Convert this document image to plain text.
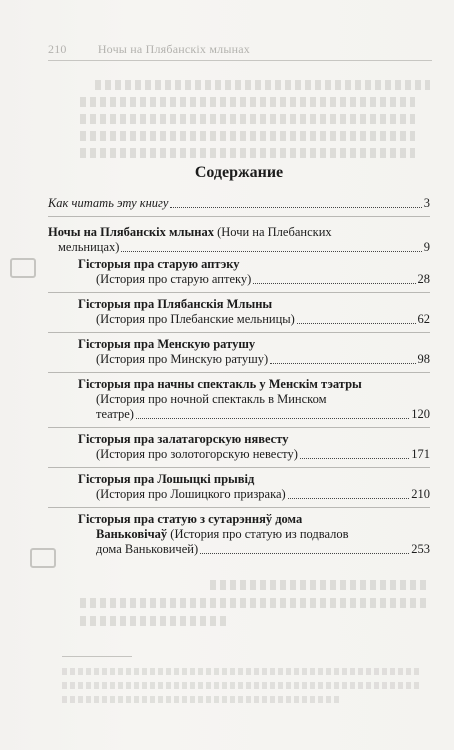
210	Ночы на Плябанскіх млынах
Содержание
Как читать эту книгу	3
Ночы на Плябанскіх млынах (Ночи на Плебанских
мельницах)	9
Гісторыя пра старую аптэку
(История про старую аптеку)	28
Гісторыя пра Плябанскія Млыны
(История про Плебанские мельницы)	62
Гісторыя пра Менскую ратушу
(История про Минскую ратушу)	98
Гісторыя пра начны спектакль у Менскім тэатры
(История про ночной спектакль в Минском
театре)	120
Гісторыя пра залатагорскую нявесту
(История про золотогорскую невесту)	171
Гісторыя пра Лошыцкі прывід
(История про Лошицкого призрака)	210
Гісторыя пра статую з сутарэнняў дома
Ваньковічаў (История про статую из подвалов
дома Ваньковичей)	253
